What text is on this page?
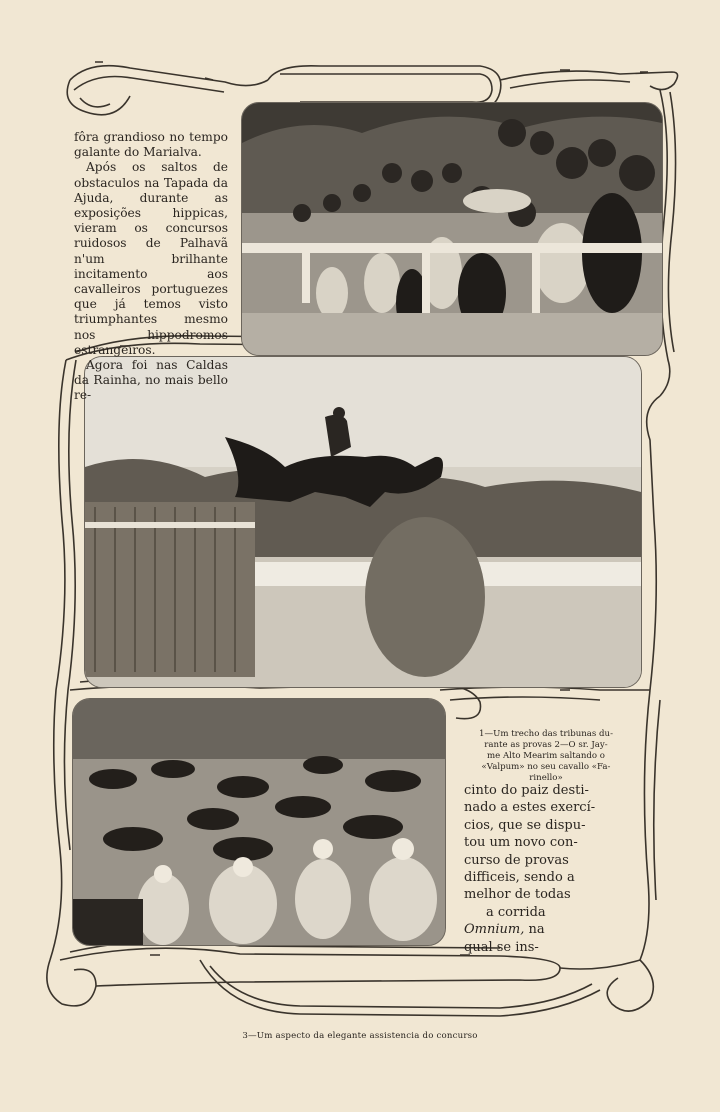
fôra grandioso no tempo galante do Marialva.

Após os saltos de obstaculos na Tapada da Ajuda, durante as exposições hippicas, vieram os concursos ruidosos de Palhavã n'um brilhante incitamento aos cavalleiros portuguezes que já temos visto triumphantes mesmo nos hippodromos estrangeiros.

Agora foi nas Caldas da Rainha, no mais bello re-

1—Um trecho das tribunas du-
rante as provas 2—O sr. Jay-
me Alto Mearim saltando o
«Valpum» no seu cavallo «Fa-
rinello»
cinto do paiz desti-
nado a estes exercí-
cios, que se dispu-
tou um novo con-
curso de provas
difficeis, sendo a
melhor de todas
a corrida
Omnium, na
qual se ins-
3—Um aspecto da elegante assistencia do concurso
